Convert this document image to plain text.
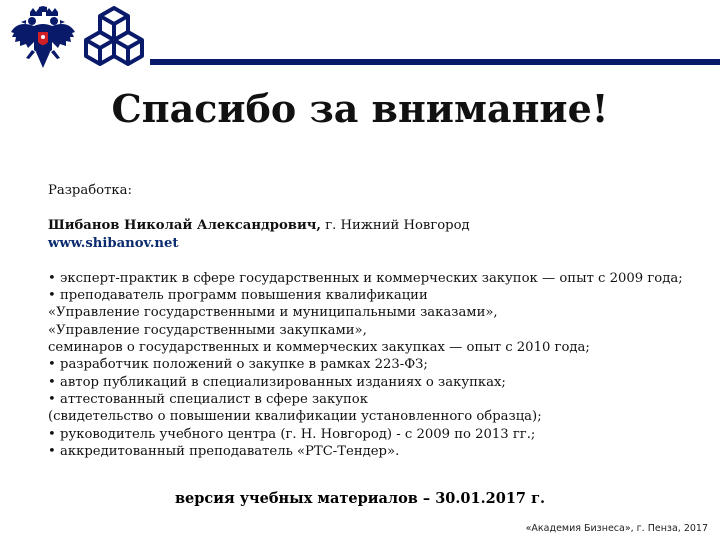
Спасибо за внимание!
Разработка:
Шибанов Николай Александрович, г. Нижний Новгород
www.shibanov.net
• эксперт-практик в сфере государственных и коммерческих закупок — опыт с 2009 года;
• преподаватель программ повышения квалификации
«Управление государственными и муниципальными заказами»,
«Управление государственными закупками»,
семинаров о государственных и коммерческих закупках — опыт с 2010 года;
• разработчик положений о закупке в рамках 223-ФЗ;
• автор публикаций в специализированных изданиях о закупках;
• аттестованный специалист в сфере закупок
(свидетельство о повышении квалификации установленного образца);
• руководитель учебного центра (г. Н. Новгород) - с 2009 по 2013 гг.;
• аккредитованный преподаватель «РТС-Тендер».
версия учебных материалов – 30.01.2017 г.
«Академия Бизнеса», г. Пенза, 2017
